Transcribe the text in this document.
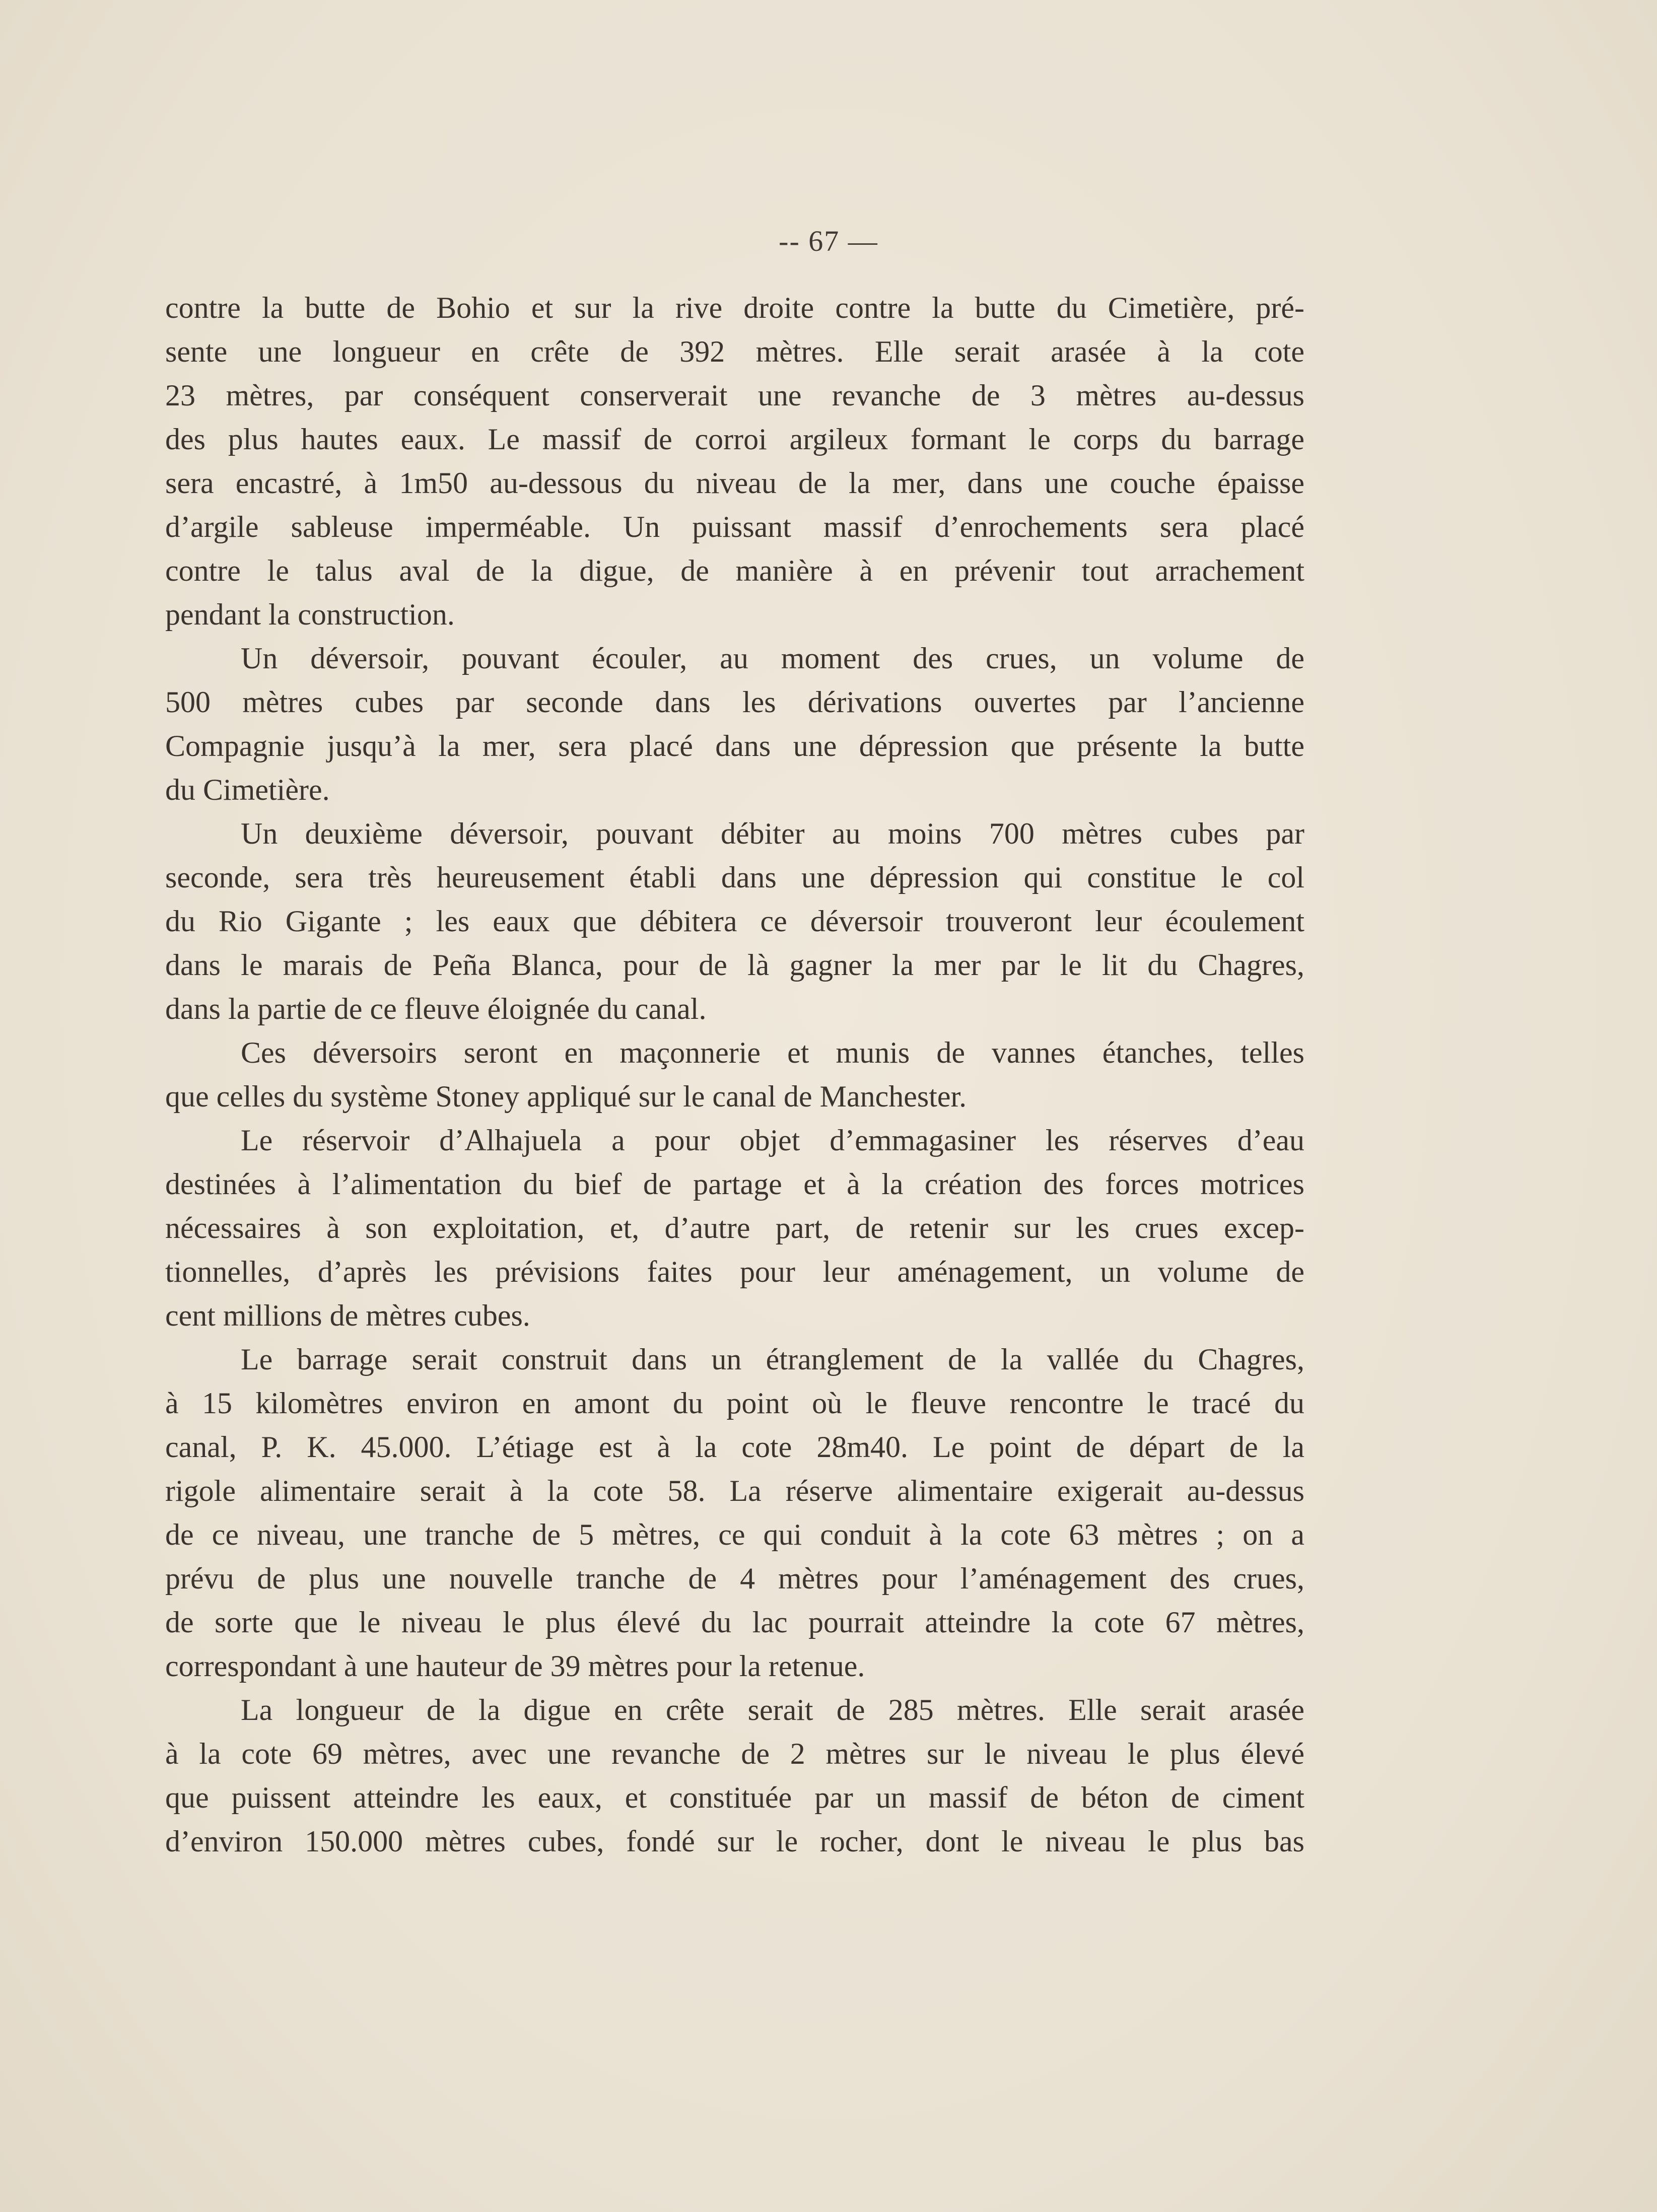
-- 67 —
contre la butte de Bohio et sur la rive droite contre la butte du Cimetière, pré-
sente une longueur en crête de 392 mètres. Elle serait arasée à la cote
23 mètres, par conséquent conserverait une revanche de 3 mètres au-dessus
des plus hautes eaux. Le massif de corroi argileux formant le corps du barrage
sera encastré, à 1m50 au-dessous du niveau de la mer, dans une couche épaisse
d’argile sableuse imperméable. Un puissant massif d’enrochements sera placé
contre le talus aval de la digue, de manière à en prévenir tout arrachement
pendant la construction.
Un déversoir, pouvant écouler, au moment des crues, un volume de
500 mètres cubes par seconde dans les dérivations ouvertes par l’ancienne
Compagnie jusqu’à la mer, sera placé dans une dépression que présente la butte
du Cimetière.
Un deuxième déversoir, pouvant débiter au moins 700 mètres cubes par
seconde, sera très heureusement établi dans une dépression qui constitue le col
du Rio Gigante ; les eaux que débitera ce déversoir trouveront leur écoulement
dans le marais de Peña Blanca, pour de là gagner la mer par le lit du Chagres,
dans la partie de ce fleuve éloignée du canal.
Ces déversoirs seront en maçonnerie et munis de vannes étanches, telles
que celles du système Stoney appliqué sur le canal de Manchester.
Le réservoir d’Alhajuela a pour objet d’emmagasiner les réserves d’eau
destinées à l’alimentation du bief de partage et à la création des forces motrices
nécessaires à son exploitation, et, d’autre part, de retenir sur les crues excep-
tionnelles, d’après les prévisions faites pour leur aménagement, un volume de
cent millions de mètres cubes.
Le barrage serait construit dans un étranglement de la vallée du Chagres,
à 15 kilomètres environ en amont du point où le fleuve rencontre le tracé du
canal, P. K. 45.000. L’étiage est à la cote 28m40. Le point de départ de la
rigole alimentaire serait à la cote 58. La réserve alimentaire exigerait au-dessus
de ce niveau, une tranche de 5 mètres, ce qui conduit à la cote 63 mètres ; on a
prévu de plus une nouvelle tranche de 4 mètres pour l’aménagement des crues,
de sorte que le niveau le plus élevé du lac pourrait atteindre la cote 67 mètres,
correspondant à une hauteur de 39 mètres pour la retenue.
La longueur de la digue en crête serait de 285 mètres. Elle serait arasée
à la cote 69 mètres, avec une revanche de 2 mètres sur le niveau le plus élevé
que puissent atteindre les eaux, et constituée par un massif de béton de ciment
d’environ 150.000 mètres cubes, fondé sur le rocher, dont le niveau le plus bas
